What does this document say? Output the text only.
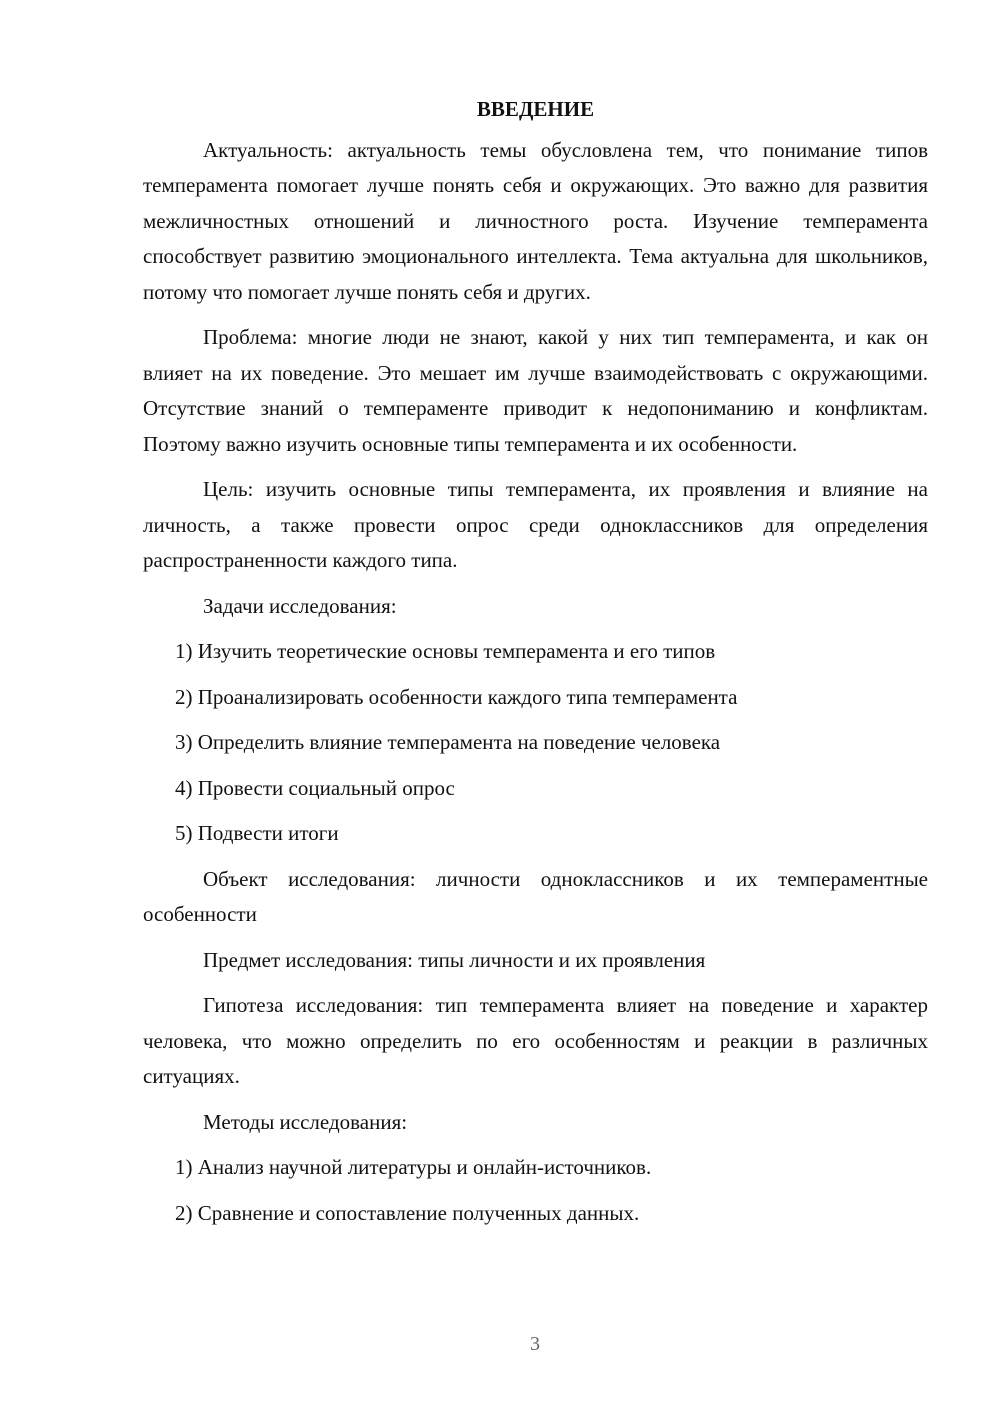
ВВЕДЕНИЕ
Актуальность: актуальность темы обусловлена тем, что понимание типов темперамента помогает лучше понять себя и окружающих. Это важно для развития межличностных отношений и личностного роста. Изучение темперамента способствует развитию эмоционального интеллекта. Тема актуальна для школьников, потому что помогает лучше понять себя и других.
Проблема: многие люди не знают, какой у них тип темперамента, и как он влияет на их поведение. Это мешает им лучше взаимодействовать с окружающими. Отсутствие знаний о темпераменте приводит к недопониманию и конфликтам. Поэтому важно изучить основные типы темперамента и их особенности.
Цель: изучить основные типы темперамента, их проявления и влияние на личность, а также провести опрос среди одноклассников для определения распространенности каждого типа.
Задачи исследования:
1) Изучить теоретические основы темперамента и его типов
2) Проанализировать особенности каждого типа темперамента
3) Определить влияние темперамента на поведение человека
4) Провести социальный опрос
5) Подвести итоги
Объект исследования: личности одноклассников и их темпераментные особенности
Предмет исследования: типы личности и их проявления
Гипотеза исследования: тип темперамента влияет на поведение и характер человека, что можно определить по его особенностям и реакции в различных ситуациях.
Методы исследования:
1) Анализ научной литературы и онлайн-источников.
2) Сравнение и сопоставление полученных данных.
3
